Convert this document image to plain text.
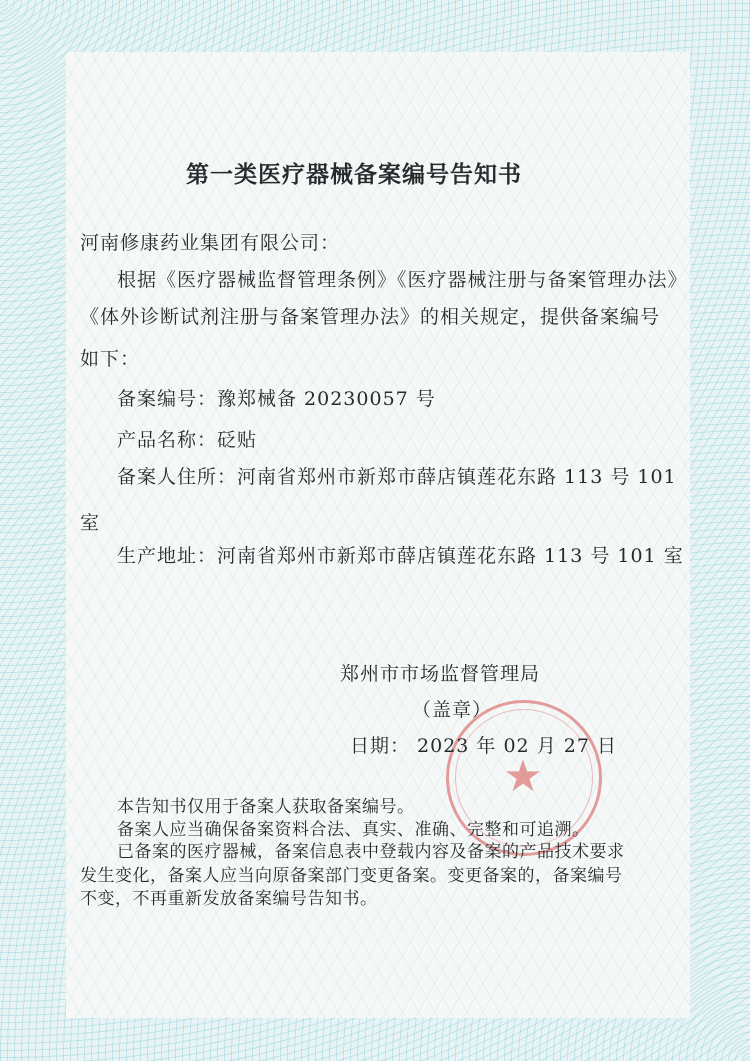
第一类医疗器械备案编号告知书
河南修康药业集团有限公司：
根据《医疗器械监督管理条例》《医疗器械注册与备案管理办法》
《体外诊断试剂注册与备案管理办法》的相关规定，提供备案编号
如下：
备案编号：豫郑械备 20230057 号
产品名称：砭贴
备案人住所：河南省郑州市新郑市薛店镇莲花东路 113 号 101
室
生产地址：河南省郑州市新郑市薛店镇莲花东路 113 号 101 室
★
郑州市市场监督管理局
（盖章）
日期： 2023 年 02 月 27 日
本告知书仅用于备案人获取备案编号。
备案人应当确保备案资料合法、真实、准确、完整和可追溯。
已备案的医疗器械，备案信息表中登载内容及备案的产品技术要求
发生变化，备案人应当向原备案部门变更备案。变更备案的，备案编号
不变，不再重新发放备案编号告知书。
